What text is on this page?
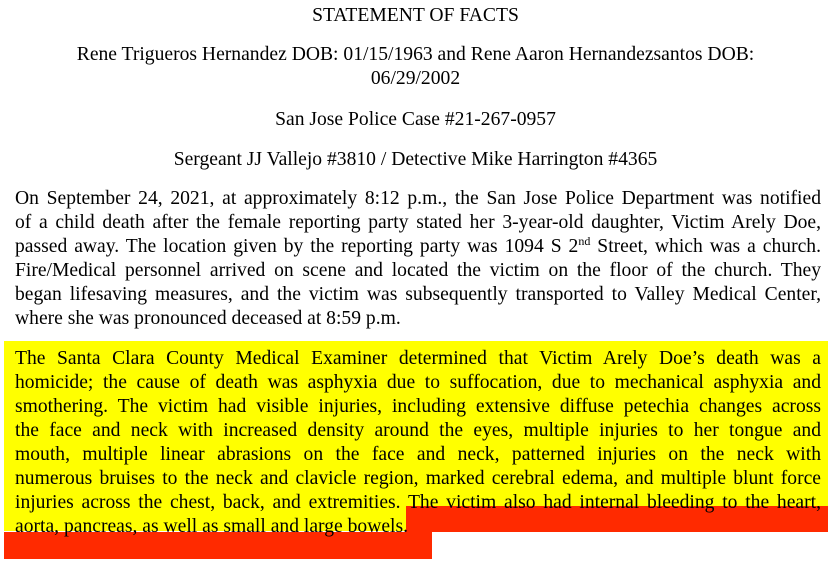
STATEMENT OF FACTS
Rene Trigueros Hernandez DOB: 01/15/1963 and Rene Aaron Hernandezsantos DOB:
06/29/2002
San Jose Police Case #21-267-0957
Sergeant JJ Vallejo #3810 / Detective Mike Harrington #4365
On September 24, 2021, at approximately 8:12 p.m., the San Jose Police Department was notified
of a child death after the female reporting party stated her 3-year-old daughter, Victim Arely Doe,
passed away. The location given by the reporting party was 1094 S 2nd Street, which was a church.
Fire/Medical personnel arrived on scene and located the victim on the floor of the church. They
began lifesaving measures, and the victim was subsequently transported to Valley Medical Center,
where she was pronounced deceased at 8:59 p.m.
The Santa Clara County Medical Examiner determined that Victim Arely Doe’s death was a
homicide; the cause of death was asphyxia due to suffocation, due to mechanical asphyxia and
smothering. The victim had visible injuries, including extensive diffuse petechia changes across
the face and neck with increased density around the eyes, multiple injuries to her tongue and
mouth, multiple linear abrasions on the face and neck, patterned injuries on the neck with
numerous bruises to the neck and clavicle region, marked cerebral edema, and multiple blunt force
injuries across the chest, back, and extremities. The victim also had internal bleeding to the heart,
aorta, pancreas, as well as small and large bowels.
